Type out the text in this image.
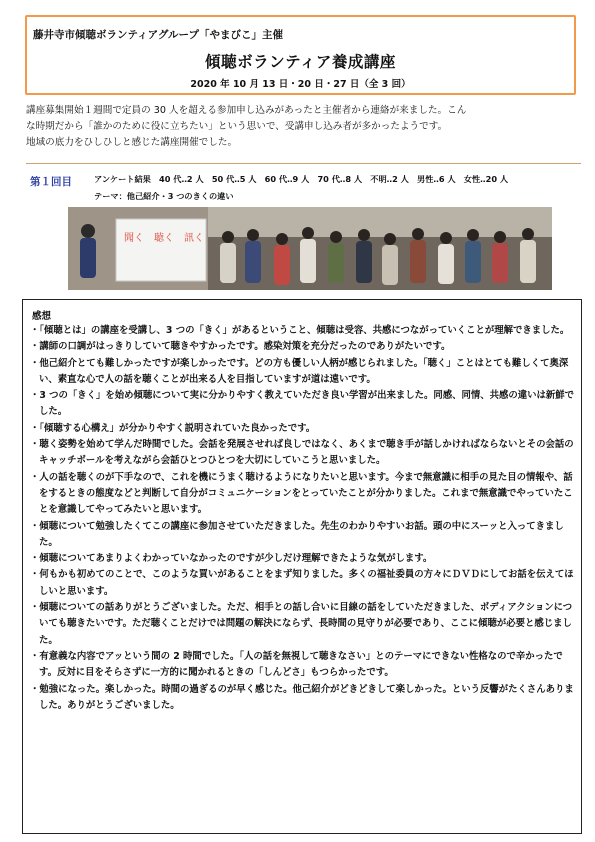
藤井寺市傾聴ボランティアグループ「やまびこ」主催
傾聴ボランティア養成講座
2020 年 10 月 13 日・20 日・27 日（全 3 回）

講座募集開始１週間で定員の 30 人を超える参加申し込みがあったと主催者から連絡が来ました。こん

な時期だから「誰かのために役に立ちたい」という思いで、受講申し込み者が多かったようです。

地域の底力をひしひしと感じた講座開催でした。

第１回目	アンケート結果　40 代‥2 人　50 代‥5 人　60 代‥9 人　70 代‥8 人　不明‥2 人　男性‥6 人　女性‥20 人
テーマ：他己紹介・3 つのきくの違い
聞く　聴く　訊く
感想
・「傾聴とは」の講座を受講し、3 つの「きく」があるということ、傾聴は受容、共感につながっていくことが理解できました。
・講師の口調がはっきりしていて聴きやすかったです。感染対策を充分だったのでありがたいです。
・他己紹介とても難しかったですが楽しかったです。どの方も優しい人柄が感じられました。「聴く」ことはとても難しくて奥深い、素直な心で人の話を聴くことが出来る人を目指していますが道は遠いです。
・3 つの「きく」を始め傾聴について実に分かりやすく教えていただき良い学習が出来ました。同感、同情、共感の違いは新鮮でした。
・「傾聴する心構え」が分かりやすく説明されていた良かったです。
・聴く姿勢を始めて学んだ時間でした。会話を発展させれば良しではなく、あくまで聴き手が話しかければならないとその会話のキャッチボールを考えながら会話ひとつひとつを大切にしていこうと思いました。
・人の話を聴くのが下手なので、これを機にうまく聴けるようになりたいと思います。今まで無意識に相手の見た目の情報や、話をするときの態度などと判断して自分がコミュニケーションをとっていたことが分かりました。これまで無意識でやっていたことを意識してやってみたいと思います。
・傾聴について勉強したくてこの講座に参加させていただきました。先生のわかりやすいお話。頭の中にスーッと入ってきました。
・傾聴についてあまりよくわかっていなかったのですが少しだけ理解できたような気がします。
・何もかも初めてのことで、このような買いがあることをまず知りました。多くの福祉委員の方々にＤＶＤにしてお話を伝えてほしいと思います。
・傾聴についての話ありがとうございました。ただ、相手との話し合いに目線の話をしていただきました、ボディアクションについても聴きたいです。ただ聴くことだけでは問題の解決にならず、長時間の見守りが必要であり、ここに傾聴が必要と感じました。
・有意義な内容でアッという間の 2 時間でした。「人の話を無視して聴きなさい」とのテーマにできない性格なので辛かったです。反対に目をそらさずに一方的に聞かれるときの「しんどさ」もつらかったです。
・勉強になった。楽しかった。時間の過ぎるのが早く感じた。他己紹介がどきどきして楽しかった。という反響がたくさんありました。ありがとうございました。
